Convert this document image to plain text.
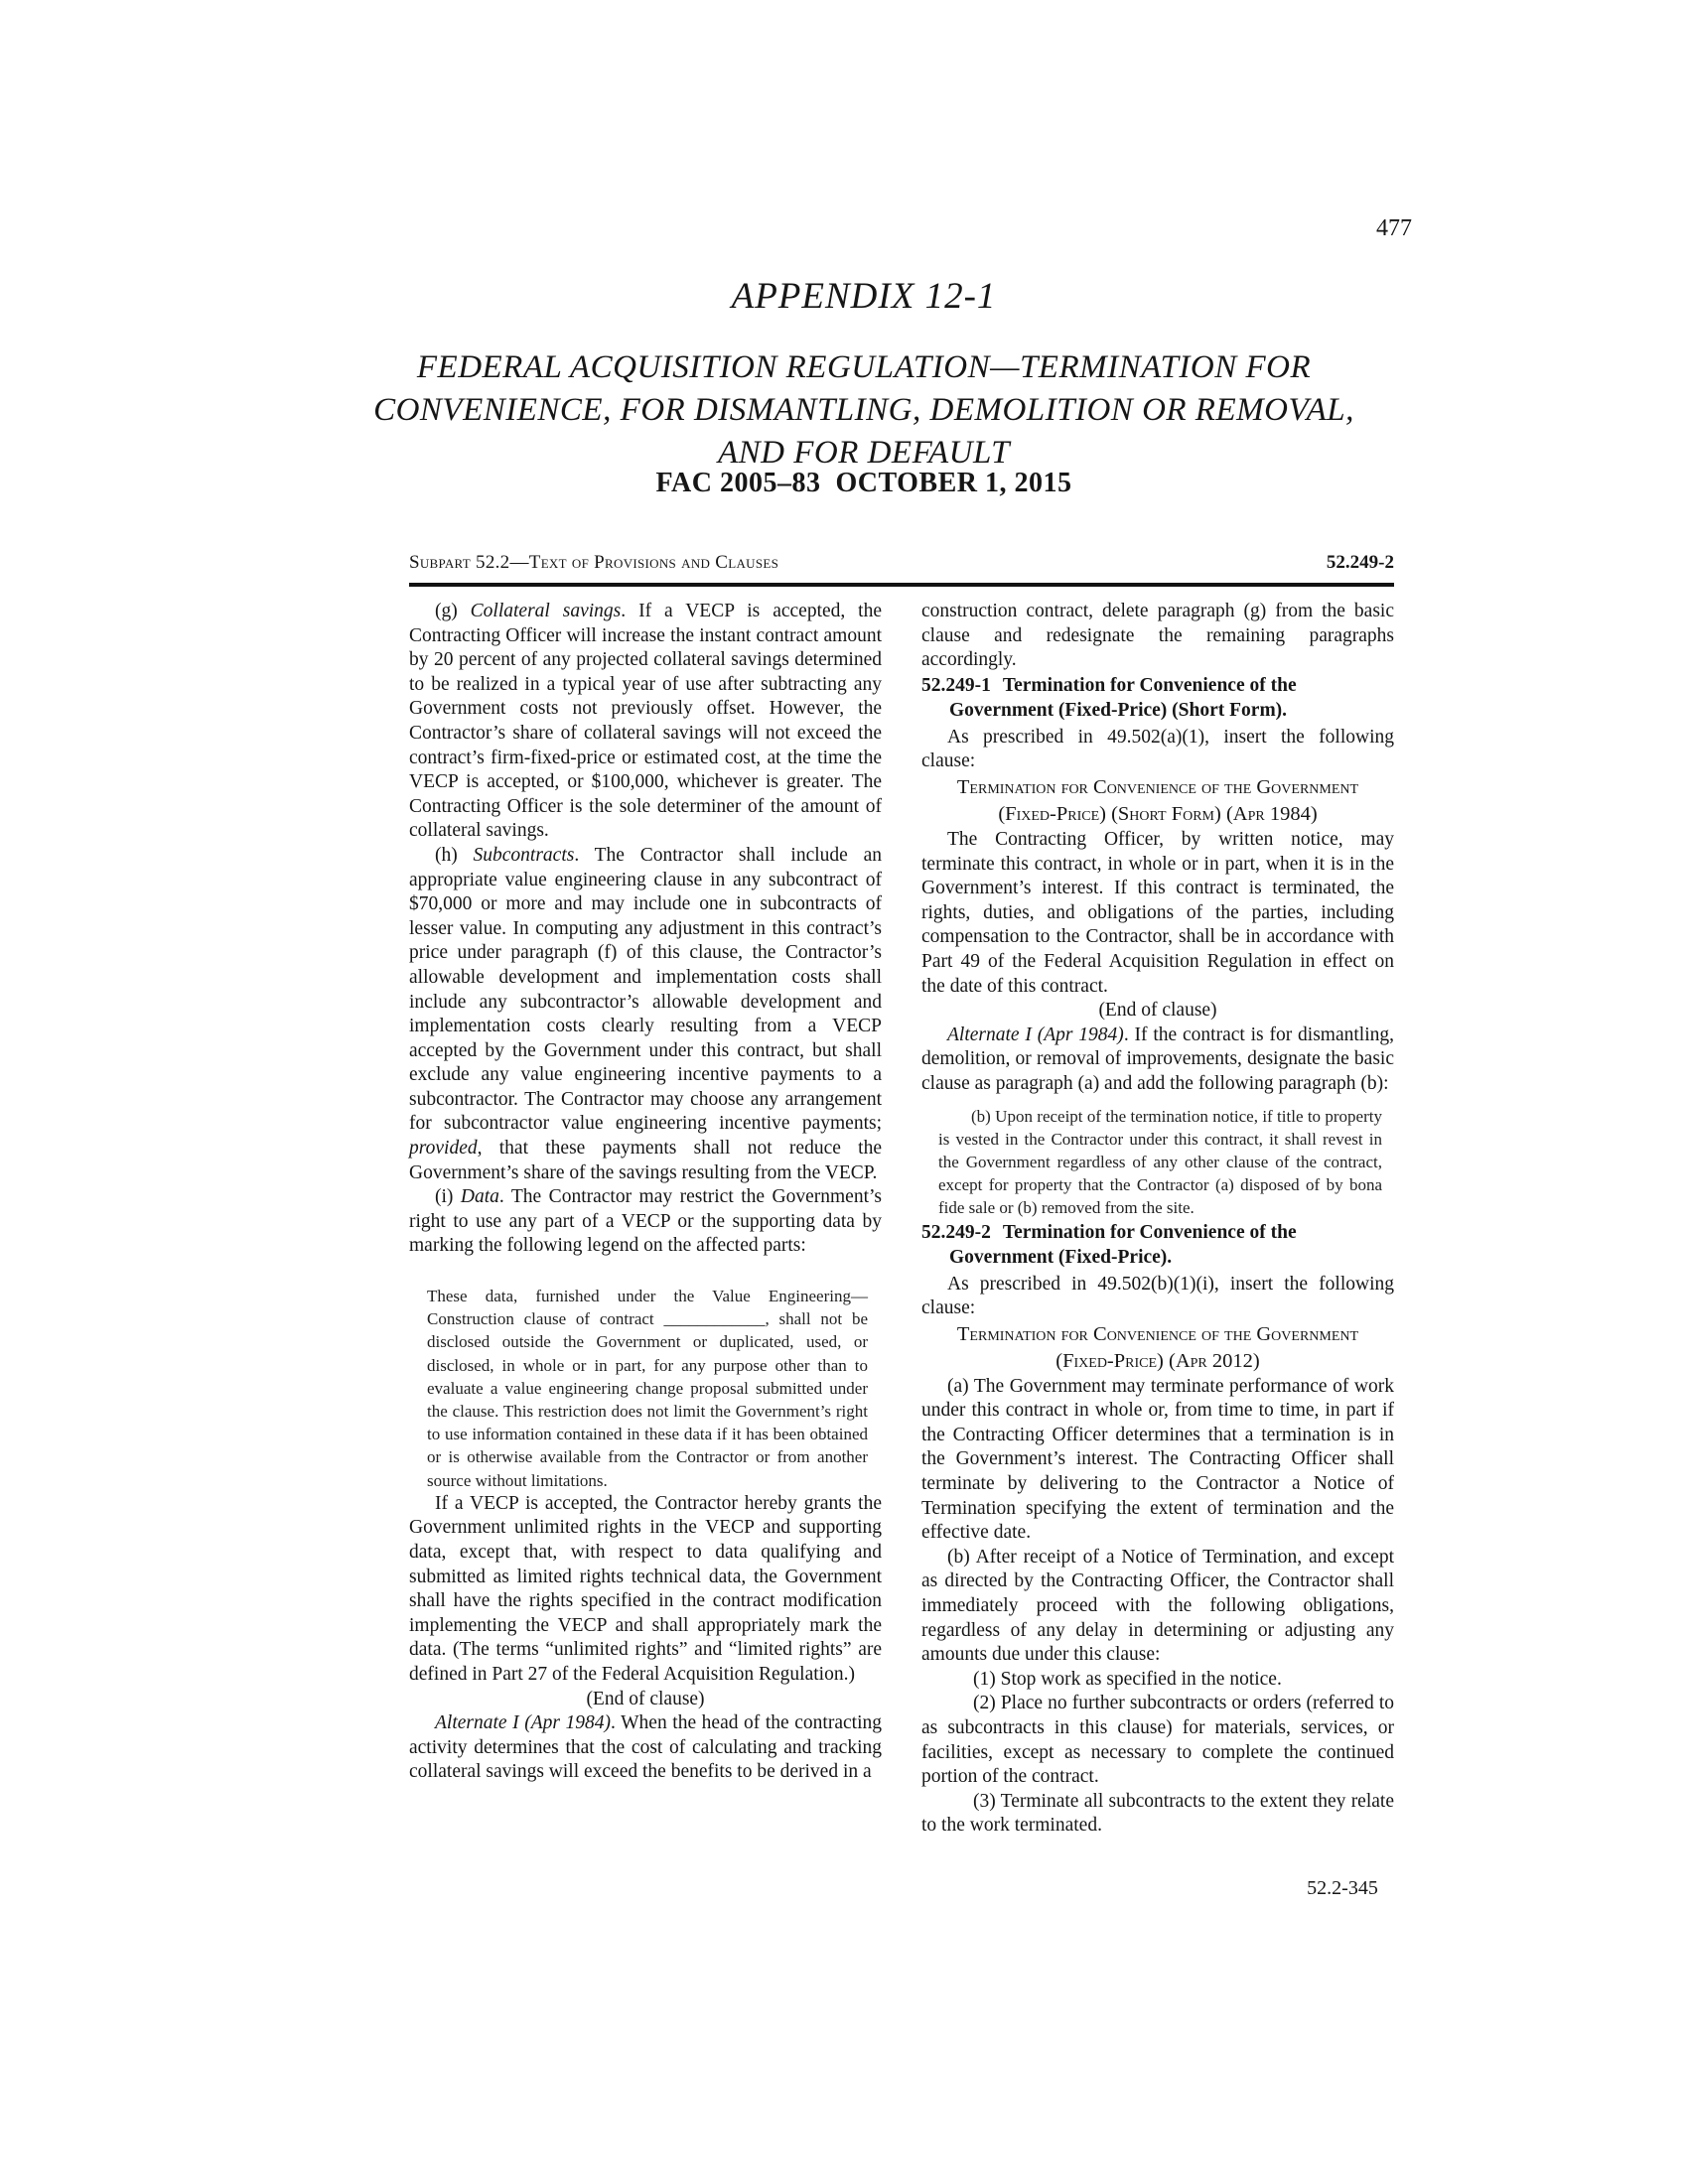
477
APPENDIX 12-1
FEDERAL ACQUISITION REGULATION—TERMINATION FOR
CONVENIENCE, FOR DISMANTLING, DEMOLITION OR REMOVAL,
AND FOR DEFAULT
FAC 2005–83  OCTOBER 1, 2015
Subpart 52.2—Text of Provisions and Clauses	52.249-2

(g) Collateral savings. If a VECP is accepted, the Contracting Officer will increase the instant contract amount by 20 percent of any projected collateral savings determined to be realized in a typical year of use after subtracting any Government costs not previously offset. However, the Contractor’s share of collateral savings will not exceed the contract’s firm-fixed-price or estimated cost, at the time the VECP is accepted, or $100,000, whichever is greater. The Contracting Officer is the sole determiner of the amount of collateral savings.

(h) Subcontracts. The Contractor shall include an appropriate value engineering clause in any subcontract of $70,000 or more and may include one in subcontracts of lesser value. In computing any adjustment in this contract’s price under paragraph (f) of this clause, the Contractor’s allowable development and implementation costs shall include any subcontractor’s allowable development and implementation costs clearly resulting from a VECP accepted by the Government under this contract, but shall exclude any value engineering incentive payments to a subcontractor. The Contractor may choose any arrangement for subcontractor value engineering incentive payments; provided, that these payments shall not reduce the Government’s share of the savings resulting from the VECP.

(i) Data. The Contractor may restrict the Government’s right to use any part of a VECP or the supporting data by marking the following legend on the affected parts:

These data, furnished under the Value Engineering—Construction clause of contract ____________, shall not be disclosed outside the Government or duplicated, used, or disclosed, in whole or in part, for any purpose other than to evaluate a value engineering change proposal submitted under the clause. This restriction does not limit the Government’s right to use information contained in these data if it has been obtained or is otherwise available from the Contractor or from another source without limitations.

If a VECP is accepted, the Contractor hereby grants the Government unlimited rights in the VECP and supporting data, except that, with respect to data qualifying and submitted as limited rights technical data, the Government shall have the rights specified in the contract modification implementing the VECP and shall appropriately mark the data. (The terms “unlimited rights” and “limited rights” are defined in Part 27 of the Federal Acquisition Regulation.)

(End of clause)

Alternate I (Apr 1984). When the head of the contracting activity determines that the cost of calculating and tracking collateral savings will exceed the benefits to be derived in a

construction contract, delete paragraph (g) from the basic clause and redesignate the remaining paragraphs accordingly.

52.249-1 Termination for Convenience of the Government (Fixed-Price) (Short Form).

As prescribed in 49.502(a)(1), insert the following clause:

Termination for Convenience of the Government
(Fixed-Price) (Short Form) (Apr 1984)

The Contracting Officer, by written notice, may terminate this contract, in whole or in part, when it is in the Government’s interest. If this contract is terminated, the rights, duties, and obligations of the parties, including compensation to the Contractor, shall be in accordance with Part 49 of the Federal Acquisition Regulation in effect on the date of this contract.

(End of clause)

Alternate I (Apr 1984). If the contract is for dismantling, demolition, or removal of improvements, designate the basic clause as paragraph (a) and add the following paragraph (b):

(b) Upon receipt of the termination notice, if title to property is vested in the Contractor under this contract, it shall revest in the Government regardless of any other clause of the contract, except for property that the Contractor (a) disposed of by bona fide sale or (b) removed from the site.

52.249-2 Termination for Convenience of the Government (Fixed-Price).

As prescribed in 49.502(b)(1)(i), insert the following clause:

Termination for Convenience of the Government
(Fixed-Price) (Apr 2012)

(a) The Government may terminate performance of work under this contract in whole or, from time to time, in part if the Contracting Officer determines that a termination is in the Government’s interest. The Contracting Officer shall terminate by delivering to the Contractor a Notice of Termination specifying the extent of termination and the effective date.

(b) After receipt of a Notice of Termination, and except as directed by the Contracting Officer, the Contractor shall immediately proceed with the following obligations, regardless of any delay in determining or adjusting any amounts due under this clause:

(1) Stop work as specified in the notice.

(2) Place no further subcontracts or orders (referred to as subcontracts in this clause) for materials, services, or facilities, except as necessary to complete the continued portion of the contract.

(3) Terminate all subcontracts to the extent they relate to the work terminated.

52.2-345
